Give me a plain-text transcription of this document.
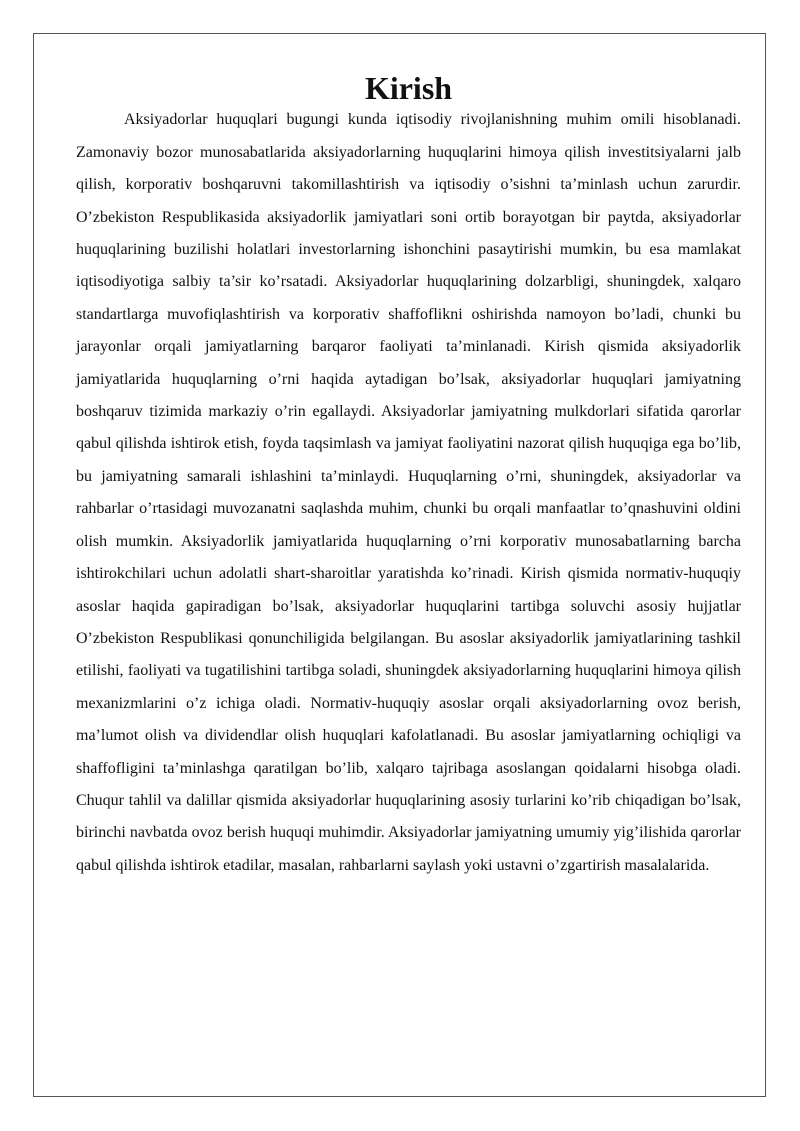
Kirish

Aksiyadorlar huquqlari bugungi kunda iqtisodiy rivojlanishning muhim omili hisoblanadi. Zamonaviy bozor munosabatlarida aksiyadorlarning huquqlarini himoya qilish investitsiyalarni jalb qilish, korporativ boshqaruvni takomillashtirish va iqtisodiy o’sishni ta’minlash uchun zarurdir. O’zbekiston Respublikasida aksiyadorlik jamiyatlari soni ortib borayotgan bir paytda, aksiyadorlar huquqlarining buzilishi holatlari investorlarning ishonchini pasaytirishi mumkin, bu esa mamlakat iqtisodiyotiga salbiy ta’sir ko’rsatadi. Aksiyadorlar huquqlarining dolzarbligi, shuningdek, xalqaro standartlarga muvofiqlashtirish va korporativ shaffoflikni oshirishda namoyon bo’ladi, chunki bu jarayonlar orqali jamiyatlarning barqaror faoliyati ta’minlanadi. Kirish qismida aksiyadorlik jamiyatlarida huquqlarning o’rni haqida aytadigan bo’lsak, aksiyadorlar huquqlari jamiyatning boshqaruv tizimida markaziy o’rin egallaydi. Aksiyadorlar jamiyatning mulkdorlari sifatida qarorlar qabul qilishda ishtirok etish, foyda taqsimlash va jamiyat faoliyatini nazorat qilish huquqiga ega bo’lib, bu jamiyatning samarali ishlashini ta’minlaydi. Huquqlarning o’rni, shuningdek, aksiyadorlar va rahbarlar o’rtasidagi muvozanatni saqlashda muhim, chunki bu orqali manfaatlar to’qnashuvini oldini olish mumkin. Aksiyadorlik jamiyatlarida huquqlarning o’rni korporativ munosabatlarning barcha ishtirokchilari uchun adolatli shart-sharoitlar yaratishda ko’rinadi. Kirish qismida normativ-huquqiy asoslar haqida gapiradigan bo’lsak, aksiyadorlar huquqlarini tartibga soluvchi asosiy hujjatlar O’zbekiston Respublikasi qonunchiligida belgilangan. Bu asoslar aksiyadorlik jamiyatlarining tashkil etilishi, faoliyati va tugatilishini tartibga soladi, shuningdek aksiyadorlarning huquqlarini himoya qilish mexanizmlarini o’z ichiga oladi. Normativ-huquqiy asoslar orqali aksiyadorlarning ovoz berish, ma’lumot olish va dividendlar olish huquqlari kafolatlanadi. Bu asoslar jamiyatlarning ochiqligi va shaffofligini ta’minlashga qaratilgan bo’lib, xalqaro tajribaga asoslangan qoidalarni hisobga oladi. Chuqur tahlil va dalillar qismida aksiyadorlar huquqlarining asosiy turlarini ko’rib chiqadigan bo’lsak, birinchi navbatda ovoz berish huquqi muhimdir. Aksiyadorlar jamiyatning umumiy yig’ilishida qarorlar qabul qilishda ishtirok etadilar, masalan, rahbarlarni saylash yoki ustavni o’zgartirish masalalarida.
